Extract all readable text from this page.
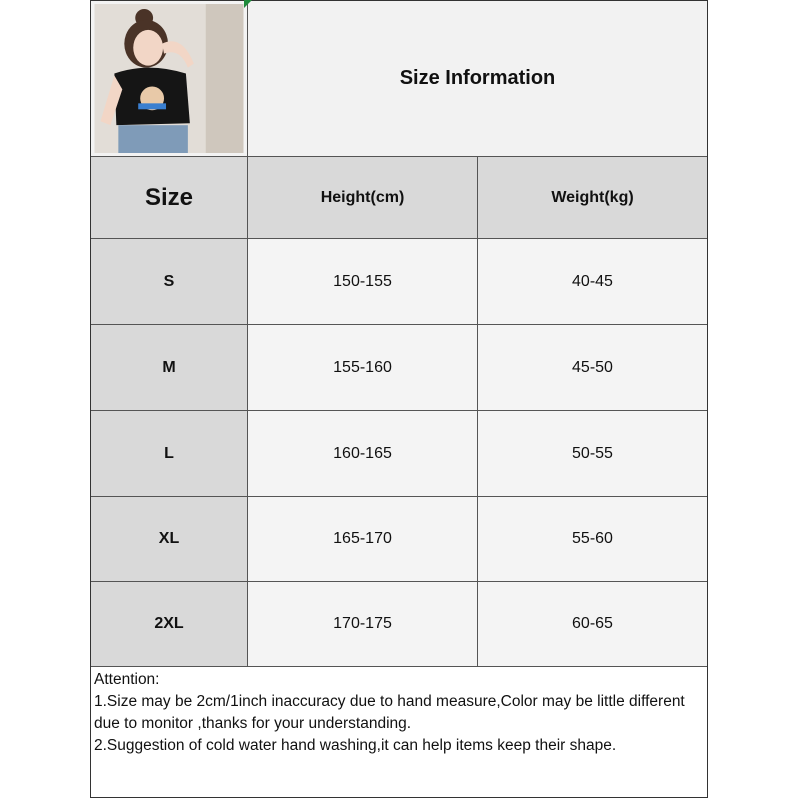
Size Information
Size	Height(cm)	Weight(kg)
S	150-155	40-45
M	155-160	45-50
L	160-165	50-55
XL	165-170	55-60
2XL	170-175	60-65
Attention:
1.Size may be 2cm/1inch inaccuracy due to hand measure,Color may be little different due to monitor ,thanks for your understanding.
2.Suggestion of cold water hand washing,it can help items keep their shape.
